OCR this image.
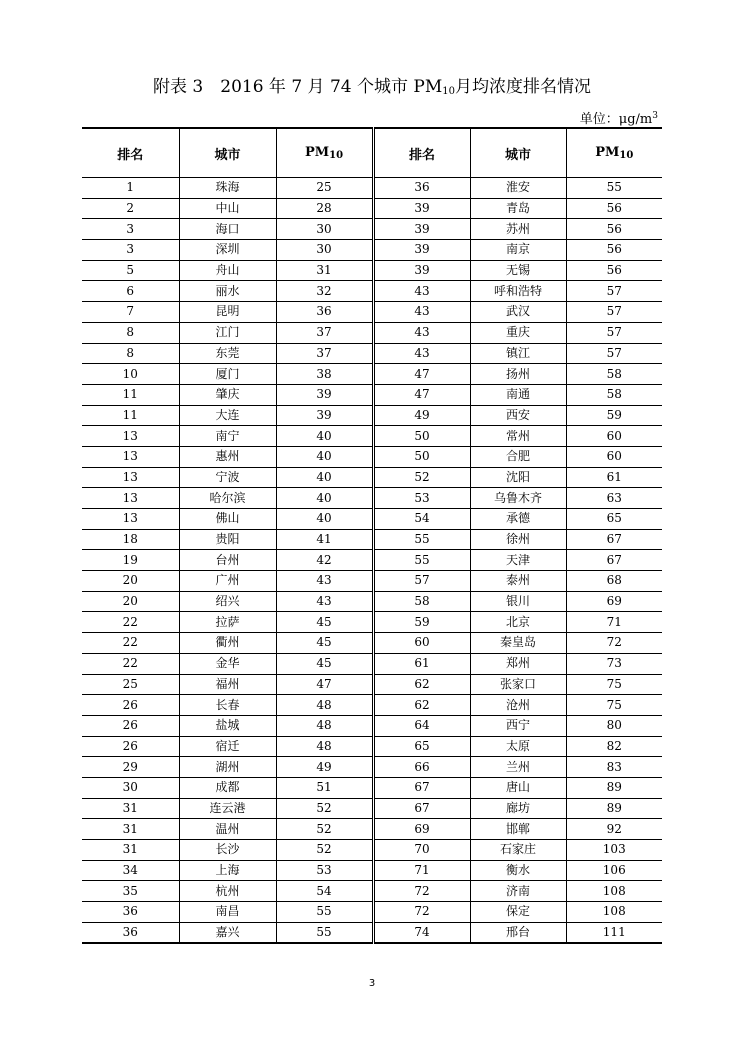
附表 3　2016 年 7 月 74 个城市 $PM_{10}$月均浓度排名情况
单位：$\mu g/m^3$
排名	城市	$PM_{10}$	排名	城市	$PM_{10}$
1	珠海	25	36	淮安	55
2	中山	28	39	青岛	56
3	海口	30	39	苏州	56
3	深圳	30	39	南京	56
5	舟山	31	39	无锡	56
6	丽水	32	43	呼和浩特	57
7	昆明	36	43	武汉	57
8	江门	37	43	重庆	57
8	东莞	37	43	镇江	57
10	厦门	38	47	扬州	58
11	肇庆	39	47	南通	58
11	大连	39	49	西安	59
13	南宁	40	50	常州	60
13	惠州	40	50	合肥	60
13	宁波	40	52	沈阳	61
13	哈尔滨	40	53	乌鲁木齐	63
13	佛山	40	54	承德	65
18	贵阳	41	55	徐州	67
19	台州	42	55	天津	67
20	广州	43	57	泰州	68
20	绍兴	43	58	银川	69
22	拉萨	45	59	北京	71
22	衢州	45	60	秦皇岛	72
22	金华	45	61	郑州	73
25	福州	47	62	张家口	75
26	长春	48	62	沧州	75
26	盐城	48	64	西宁	80
26	宿迁	48	65	太原	82
29	湖州	49	66	兰州	83
30	成都	51	67	唐山	89
31	连云港	52	67	廊坊	89
31	温州	52	69	邯郸	92
31	长沙	52	70	石家庄	103
34	上海	53	71	衡水	106
35	杭州	54	72	济南	108
36	南昌	55	72	保定	108
36	嘉兴	55	74	邢台	111
3
